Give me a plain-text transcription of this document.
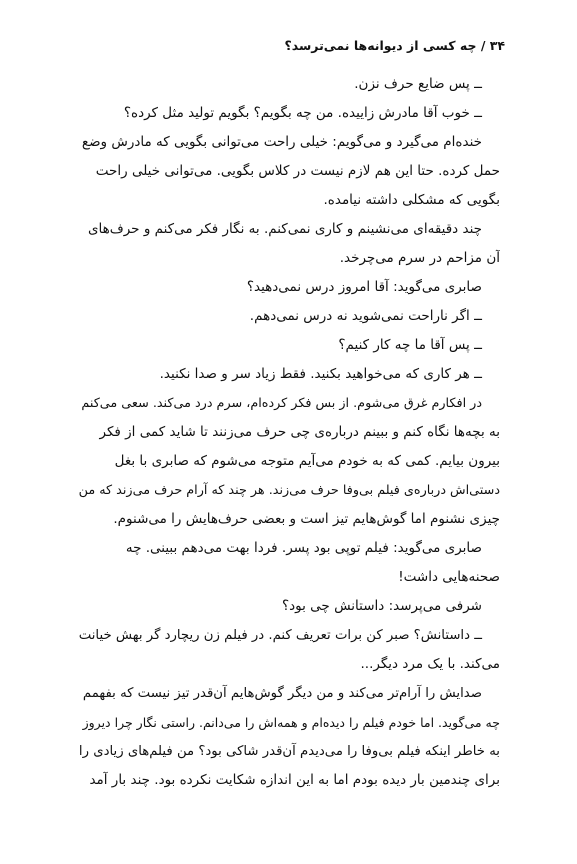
۳۴ / چه کسی از دیوانه‌ها نمی‌ترسد؟
ــ پس ضایع حرف نزن.
ــ خوب آقا مادرش زاییده. من چه بگویم؟ بگویم تولید مثل کرده؟
خنده‌ام می‌گیرد و می‌گویم: خیلی راحت می‌توانی بگویی که مادرش وضع
حمل کرده. حتا این هم لازم نیست در کلاس بگویی. می‌توانی خیلی راحت
بگویی که مشکلی داشته نیامده.
چند دقیقه‌ای می‌نشینم و کاری نمی‌کنم. به نگار فکر می‌کنم و حرف‌های
آن مزاحم در سرم می‌چرخد.
صابری می‌گوید: آقا امروز درس نمی‌دهید؟
ــ اگر ناراحت نمی‌شوید نه درس نمی‌دهم.
ــ پس آقا ما چه کار کنیم؟
ــ هر کاری که می‌خواهید بکنید. فقط زیاد سر و صدا نکنید.
در افکارم غرق می‌شوم. از بس فکر کرده‌ام، سرم درد می‌کند. سعی می‌کنم
به بچه‌ها نگاه کنم و ببینم درباره‌ی چی حرف می‌زنند تا شاید کمی از فکر
بیرون بیایم. کمی که به خودم می‌آیم متوجه می‌شوم که صابری با بغل
دستی‌اش درباره‌ی فیلم بی‌وفا حرف می‌زند. هر چند که آرام حرف می‌زند که من
چیزی نشنوم اما گوش‌هایم تیز است و بعضی حرف‌هایش را می‌شنوم.
صابری می‌گوید: فیلم توپی بود پسر. فردا بهت می‌دهم ببینی. چه
صحنه‌هایی داشت!
شرفی می‌پرسد: داستانش چی بود؟
ــ داستانش؟ صبر کن برات تعریف کنم. در فیلم زن ریچارد گر بهش خیانت
می‌کند. با یک مرد دیگر...
صدایش را آرام‌تر می‌کند و من دیگر گوش‌هایم آن‌قدر تیز نیست که بفهمم
چه می‌گوید. اما خودم فیلم را دیده‌ام و همه‌اش را می‌دانم. راستی نگار چرا دیروز
به خاطر اینکه فیلم بی‌وفا را می‌دیدم آن‌قدر شاکی بود؟ من فیلم‌های زیادی را
برای چندمین بار دیده بودم اما به این اندازه شکایت نکرده بود. چند بار آمد
